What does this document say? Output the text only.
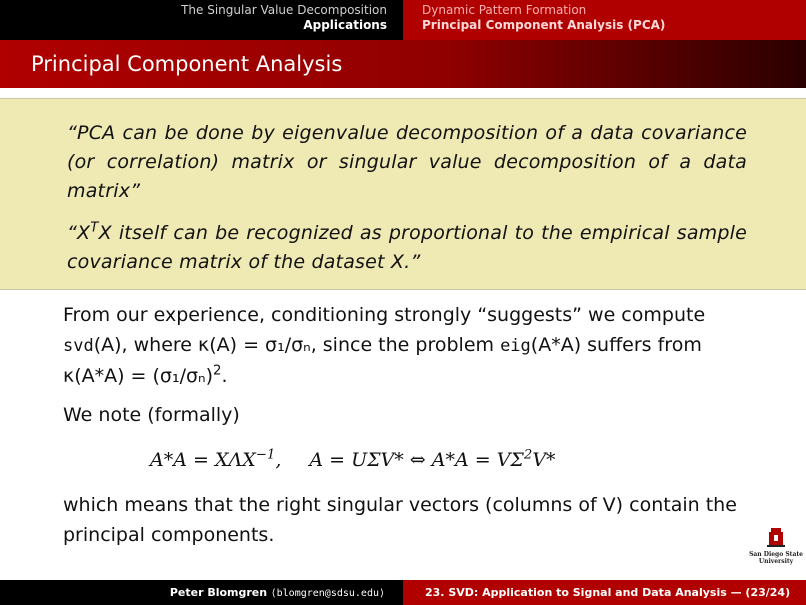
The Singular Value Decomposition
Applications
Dynamic Pattern Formation
Principal Component Analysis (PCA)
Principal Component Analysis
“PCA can be done by eigenvalue decomposition of a data covariance (or correlation) matrix or singular value decomposition of a data matrix”
“$X^TX$ itself can be recognized as proportional to the empirical sample covariance matrix of the dataset X.”
From our experience, conditioning strongly “suggests” we compute svd(A), where κ(A) = σ₁/σₙ, since the problem eig(A*A) suffers from $\kappa(A*A) = (\sigma_1/\sigma_n)^2$.
We note (formally)
$A*A = X\Lambda X^{-1}$, A = UΣV* ⇔ $A*A = V\Sigma^2V*$
which means that the right singular vectors (columns of V) contain the principal components.
San Diego State
University
Peter Blomgren ⟨blomgren@sdsu.edu⟩	23. SVD: Application to Signal and Data Analysis — (23/24)
